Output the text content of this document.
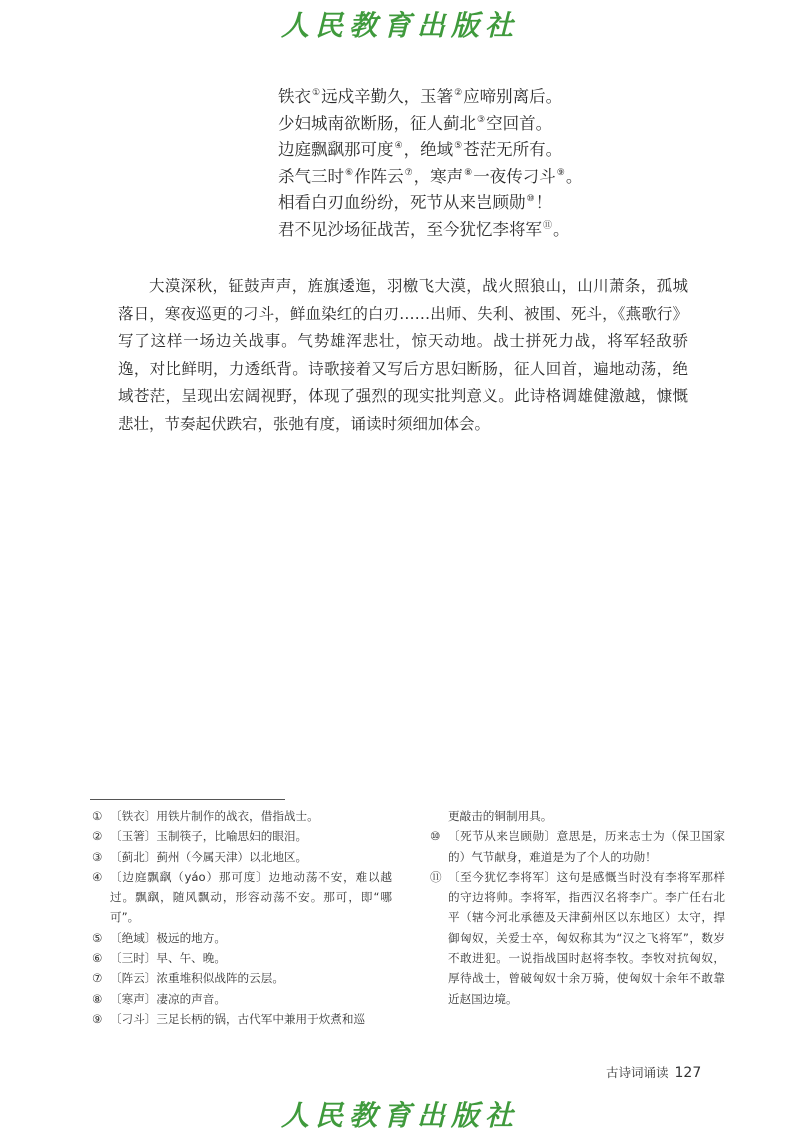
人民教育出版社
铁衣①远戍辛勤久，玉箸②应啼别离后。
少妇城南欲断肠，征人蓟北③空回首。
边庭飘飖那可度④，绝域⑤苍茫无所有。
杀气三时⑥作阵云⑦，寒声⑧一夜传刁斗⑨。
相看白刃血纷纷，死节从来岂顾勋⑩！
君不见沙场征战苦，至今犹忆李将军⑪。
大漠深秋，钲鼓声声，旌旗逶迤，羽檄飞大漠，战火照狼山，山川萧条，孤城落日，寒夜巡更的刁斗，鲜血染红的白刃……出师、失利、被围、死斗，《燕歌行》写了这样一场边关战事。气势雄浑悲壮，惊天动地。战士拼死力战，将军轻敌骄逸，对比鲜明，力透纸背。诗歌接着又写后方思妇断肠，征人回首，遍地动荡，绝域苍茫，呈现出宏阔视野，体现了强烈的现实批判意义。此诗格调雄健激越，慷慨悲壮，节奏起伏跌宕，张弛有度，诵读时须细加体会。
① 〔铁衣〕用铁片制作的战衣，借指战士。
② 〔玉箸〕玉制筷子，比喻思妇的眼泪。
③ 〔蓟北〕蓟州（今属天津）以北地区。
④ 〔边庭飘飖（yáo）那可度〕边地动荡不安，难以越过。飘飖，随风飘动，形容动荡不安。那可，即“哪可”。
⑤ 〔绝域〕极远的地方。
⑥ 〔三时〕早、午、晚。
⑦ 〔阵云〕浓重堆积似战阵的云层。
⑧ 〔寒声〕凄凉的声音。
⑨ 〔刁斗〕三足长柄的锅，古代军中兼用于炊煮和巡
更敲击的铜制用具。
⑩ 〔死节从来岂顾勋〕意思是，历来志士为（保卫国家的）气节献身，难道是为了个人的功勋！
⑪ 〔至今犹忆李将军〕这句是感慨当时没有李将军那样的守边将帅。李将军，指西汉名将李广。李广任右北平（辖今河北承德及天津蓟州区以东地区）太守，捍御匈奴，关爱士卒，匈奴称其为“汉之飞将军”，数岁不敢进犯。一说指战国时赵将李牧。李牧对抗匈奴，厚待战士，曾破匈奴十余万骑，使匈奴十余年不敢靠近赵国边境。
古诗词诵读 127
人民教育出版社
